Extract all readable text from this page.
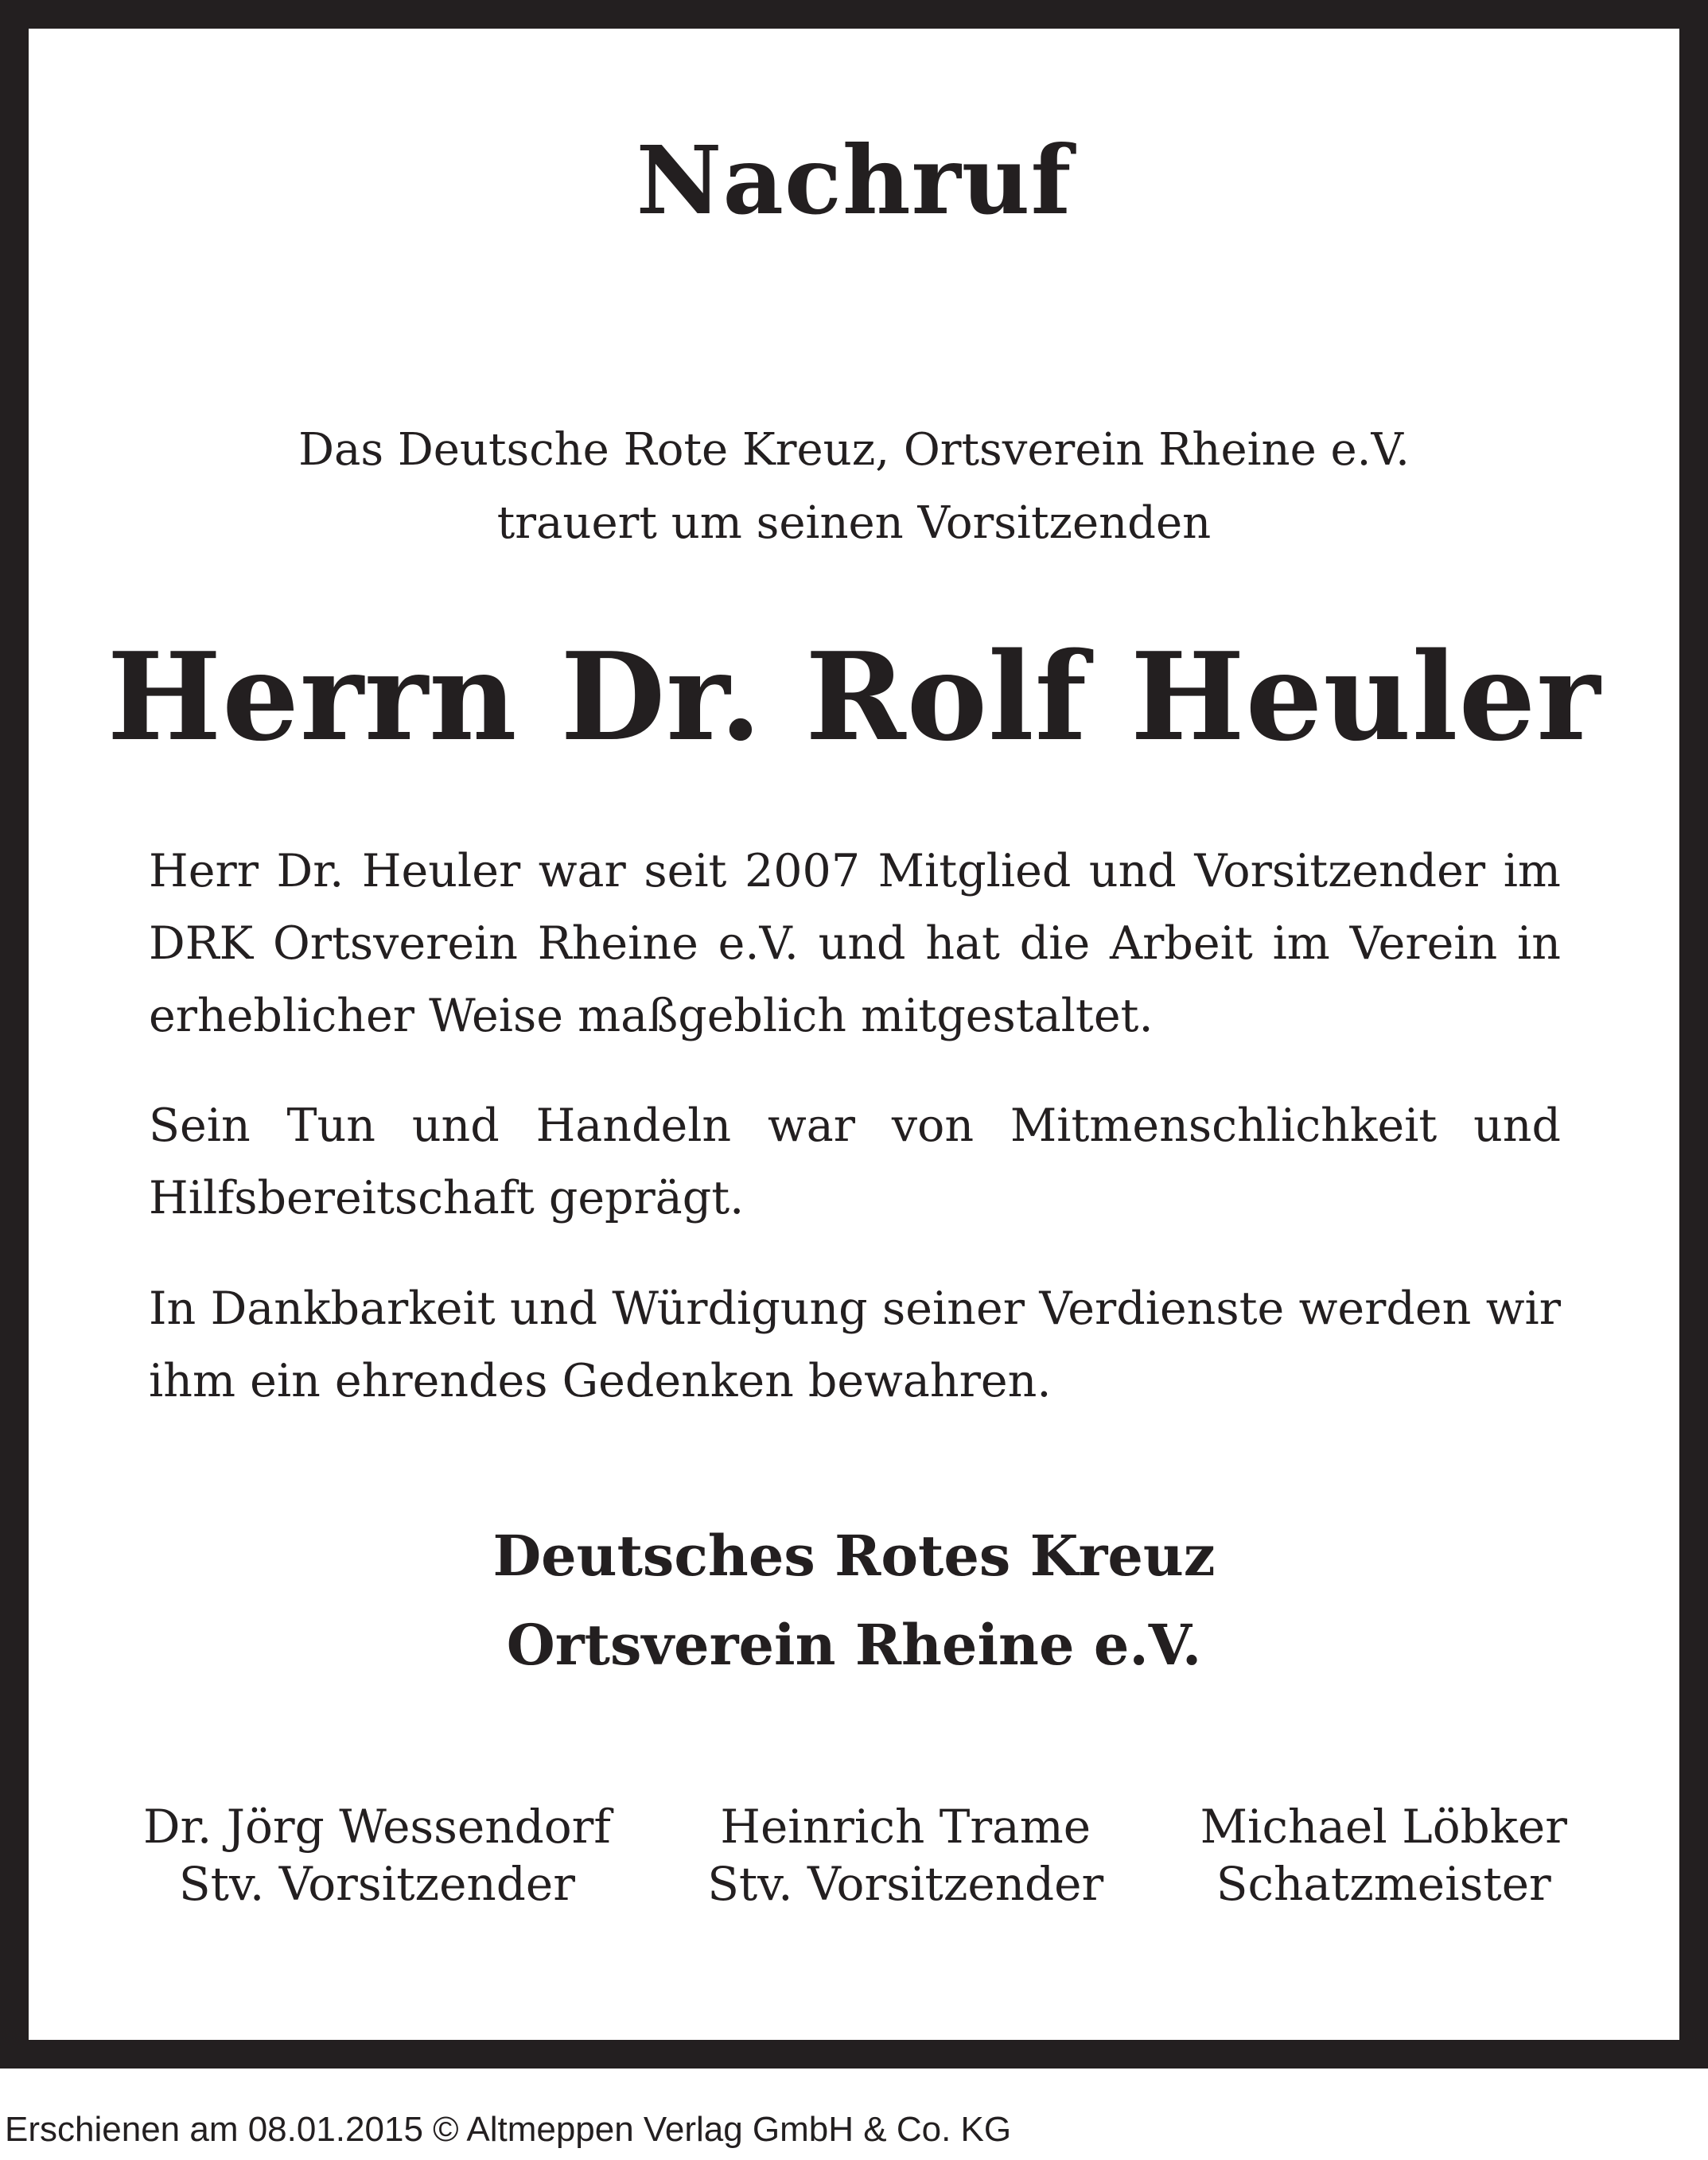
Nachruf
Das Deutsche Rote Kreuz, Ortsverein Rheine e.V.
trauert um seinen Vorsitzenden
Herrn Dr. Rolf Heuler
Herr Dr. Heuler war seit 2007 Mitglied und Vorsitzender im DRK Ortsverein Rheine e.V. und hat die Arbeit im Verein in erheblicher Weise maßgeblich mitgestaltet.
Sein Tun und Handeln war von Mitmenschlichkeit und Hilfsbereitschaft geprägt.
In Dankbarkeit und Würdigung seiner Verdienste werden wir ihm ein ehrendes Gedenken bewahren.
Deutsches Rotes Kreuz
Ortsverein Rheine e.V.
Dr. Jörg Wessendorf
Stv. Vorsitzender
Heinrich Trame
Stv. Vorsitzender
Michael Löbker
Schatzmeister
Erschienen am 08.01.2015 © Altmeppen Verlag GmbH & Co. KG
